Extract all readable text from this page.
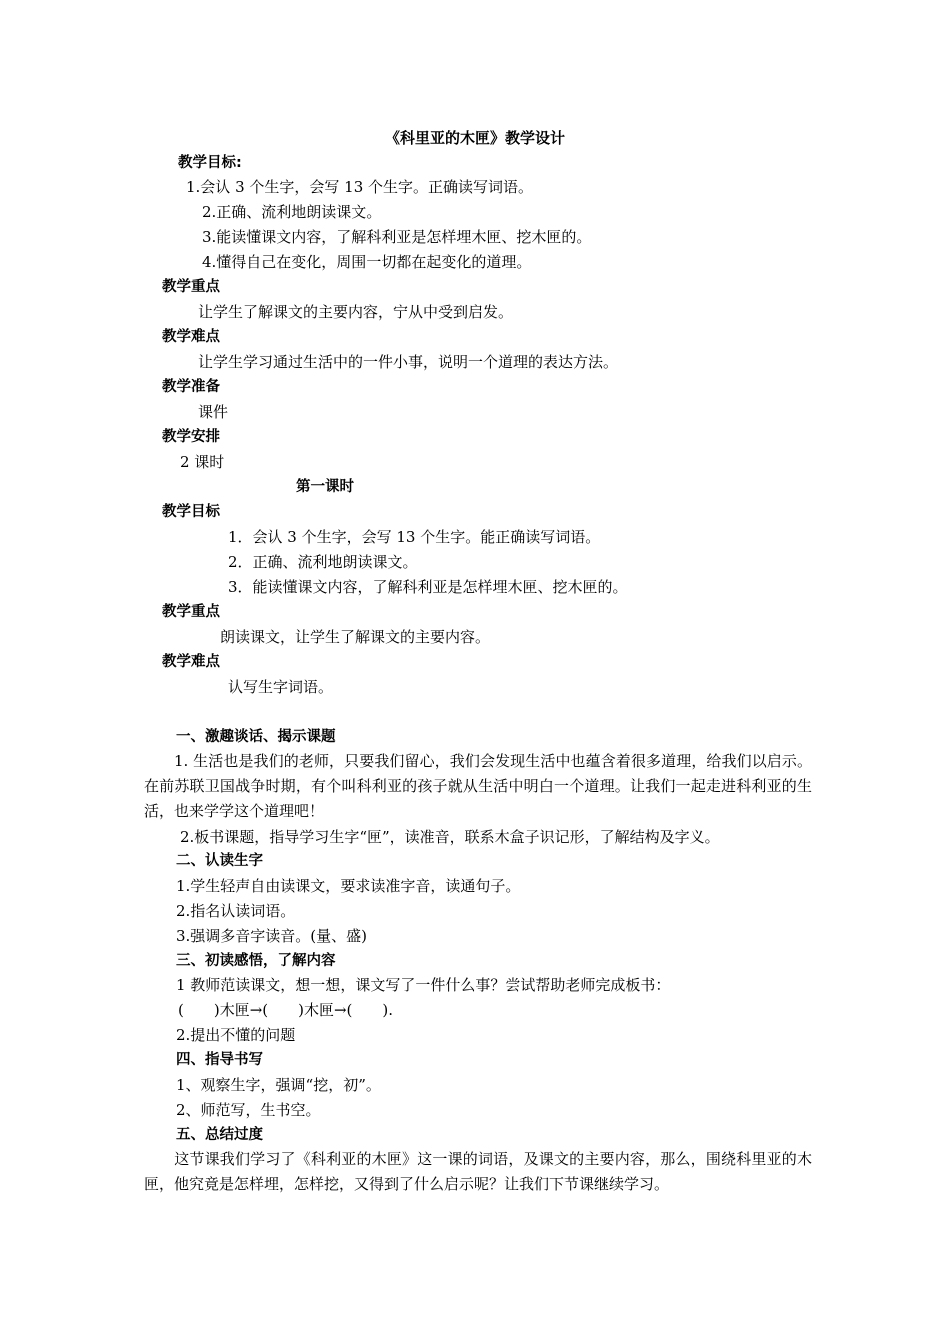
《科里亚的木匣》教学设计
教学目标:
1.会认 3 个生字，会写 13 个生字。正确读写词语。
2.正确、流利地朗读课文。
3.能读懂课文内容，了解科利亚是怎样埋木匣、挖木匣的。
4.懂得自己在变化，周围一切都在起变化的道理。
教学重点
让学生了解课文的主要内容，宁从中受到启发。
教学难点
让学生学习通过生活中的一件小事，说明一个道理的表达方法。
教学准备
课件
教学安排
2 课时
第一课时
教学目标
1．会认 3 个生字，会写 13 个生字。能正确读写词语。
2．正确、流利地朗读课文。
3．能读懂课文内容，了解科利亚是怎样埋木匣、挖木匣的。
教学重点
朗读课文，让学生了解课文的主要内容。
教学难点
认写生字词语。
一、激趣谈话、揭示课题
1. 生活也是我们的老师，只要我们留心，我们会发现生活中也蕴含着很多道理，给我们以启示。在前苏联卫国战争时期，有个叫科利亚的孩子就从生活中明白一个道理。让我们一起走进科利亚的生活，也来学学这个道理吧！
2.板书课题，指导学习生字“匣”，读准音，联系木盒子识记形，了解结构及字义。
二、认读生字
1.学生轻声自由读课文，要求读准字音，读通句子。
2.指名认读词语。
3.强调多音字读音。(量、盛)
三、初读感悟，了解内容
1 教师范读课文，想一想，课文写了一件什么事？尝试帮助老师完成板书：
(　　)木匣→(　　)木匣→(　　).
2.提出不懂的问题
四、指导书写
1、观察生字，强调“挖，初”。
2、师范写，生书空。
五、总结过度
这节课我们学习了《科利亚的木匣》这一课的词语，及课文的主要内容，那么，围绕科里亚的木匣，他究竟是怎样埋，怎样挖，又得到了什么启示呢？让我们下节课继续学习。
